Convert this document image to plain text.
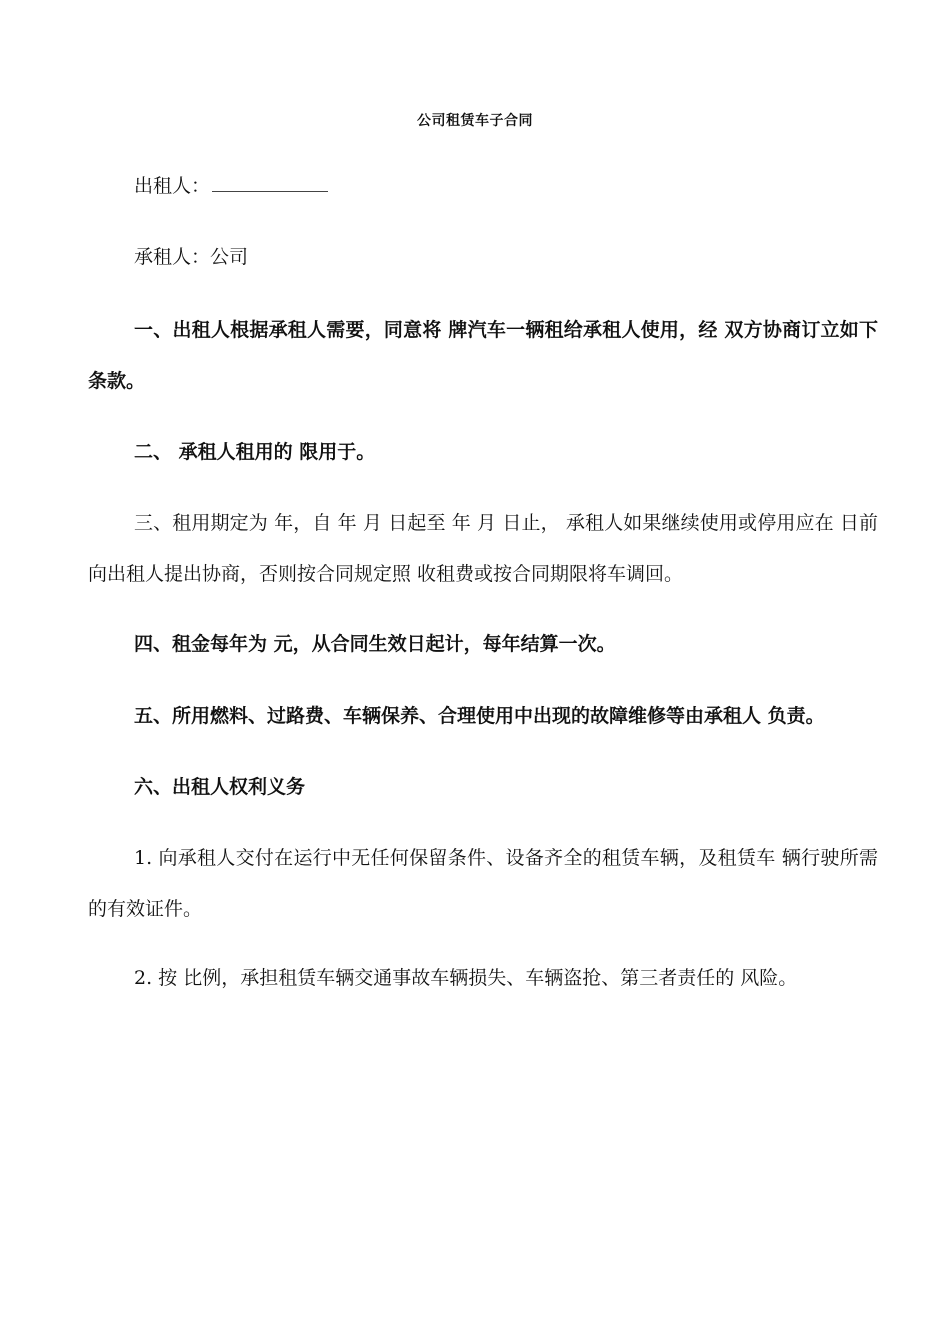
公司租赁车子合同

出租人：

承租人：公司

一、出租人根据承租人需要，同意将 牌汽车一辆租给承租人使用，经 双方协商订立如下条款。

二、 承租人租用的 限用于。

三、租用期定为 年，自 年 月 日起至 年 月 日止， 承租人如果继续使用或停用应在 日前向出租人提出协商，否则按合同规定照 收租费或按合同期限将车调回。

四、租金每年为 元，从合同生效日起计，每年结算一次。

五、所用燃料、过路费、车辆保养、合理使用中出现的故障维修等由承租人 负责。

六、出租人权利义务

1. 向承租人交付在运行中无任何保留条件、设备齐全的租赁车辆，及租赁车 辆行驶所需的有效证件。

2. 按 比例，承担租赁车辆交通事故车辆损失、车辆盗抢、第三者责任的 风险。
